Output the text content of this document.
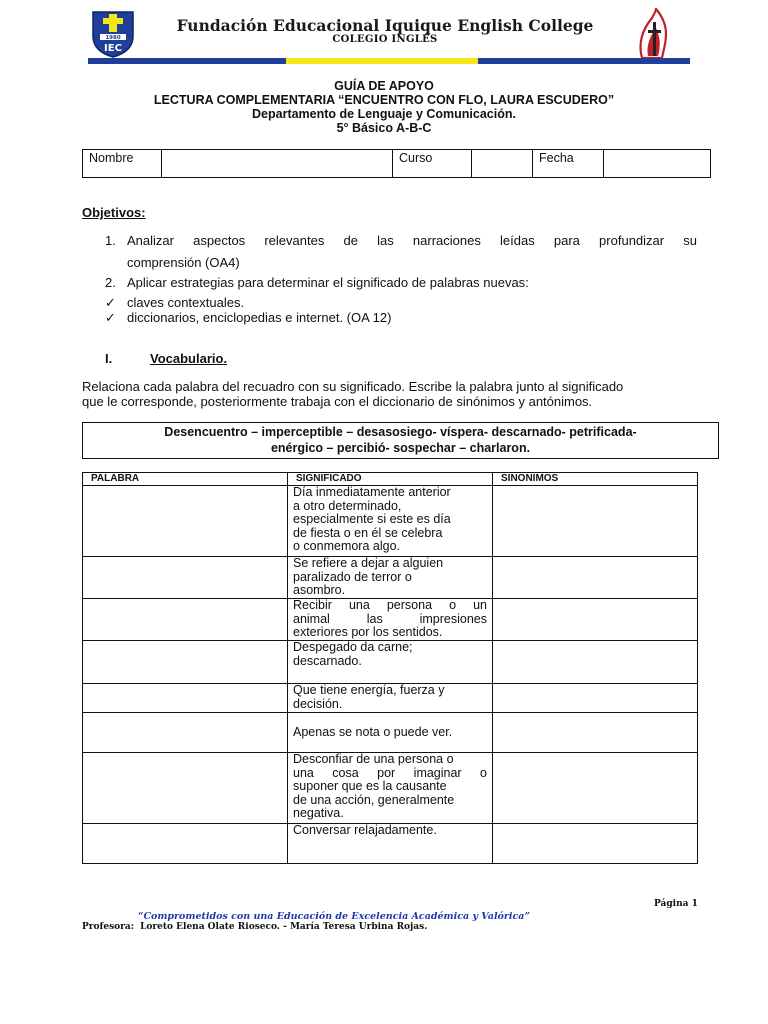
1980
IEC
Fundación Educacional Iquique English College
COLEGIO INGLÉS
GUÍA DE APOYO
LECTURA COMPLEMENTARIA “ENCUENTRO CON FLO, LAURA ESCUDERO”
Departamento de Lenguaje y Comunicación.
5° Básico A-B-C
Nombre		Curso		Fecha	
Objetivos:
1. Analizar aspectos relevantes de las narraciones leídas para profundizar su
comprensión (OA4)
2. Aplicar estrategias para determinar el significado de palabras nuevas:
✓ claves contextuales.
✓ diccionarios, enciclopedias e internet. (OA 12)
I.	Vocabulario.
Relaciona cada palabra del recuadro con su significado. Escribe la palabra junto al significado
que le corresponde, posteriormente trabaja con el diccionario de sinónimos y antónimos.
Desencuentro – imperceptible – desasosiego- víspera- descarnado- petrificada-
enérgico – percibió- sospechar – charlaron.
PALABRA	SIGNIFICADO	SINONIMOS

	Día inmediatamente anterior
a otro determinado,
especialmente si este es día
de fiesta o en él se celebra
o conmemora algo.	

	Se refiere a dejar a alguien
paralizado de terror o
asombro.	

	Recibir una persona o un
animal las impresiones
exteriores por los sentidos.	

	Despegado da carne;
descarnado.	

	Que tiene energía, fuerza y
decisión.	

	Apenas se nota o puede ver.	

	Desconfiar de una persona o
una cosa por imaginar o
suponer que es la causante
de una acción, generalmente
negativa.	

	Conversar relajadamente.	

Página 1
“Comprometidos con una Educación de Excelencia Académica y Valórica”
Profesora: Loreto Elena Olate Rioseco. - María Teresa Urbina Rojas.
